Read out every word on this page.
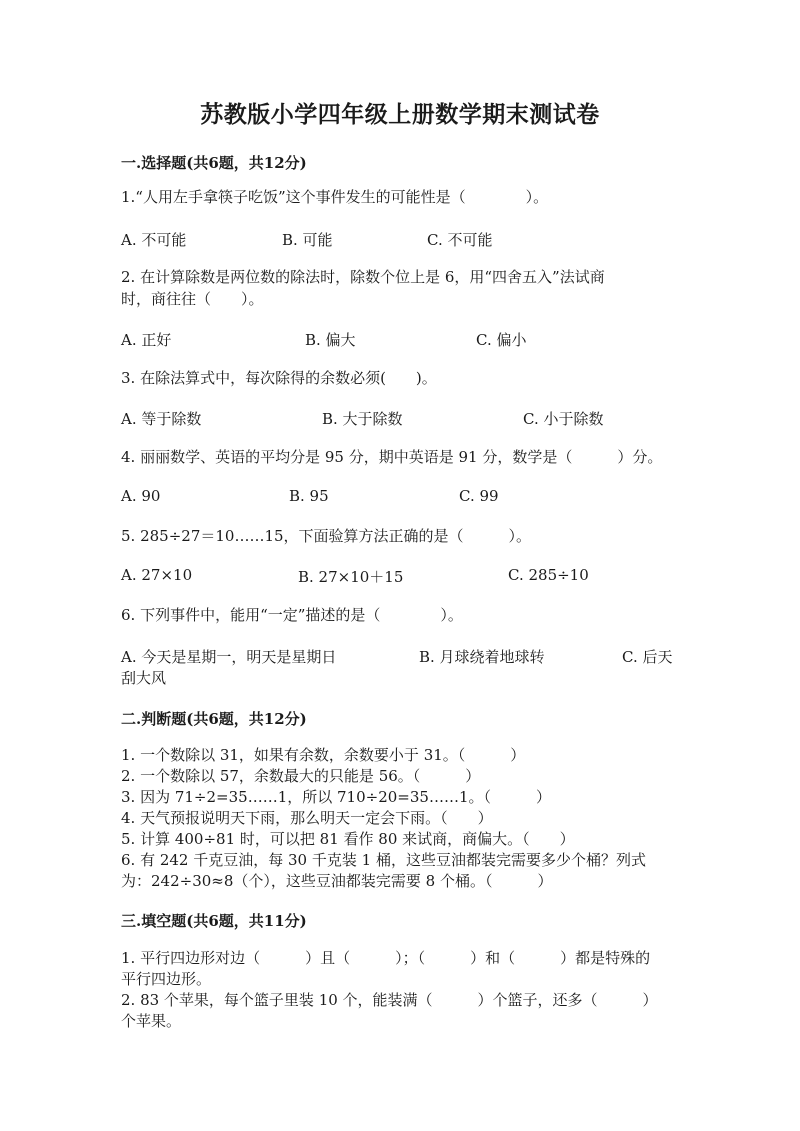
苏教版小学四年级上册数学期末测试卷
一.选择题(共6题，共12分)
1.“人用左手拿筷子吃饭”这个事件发生的可能性是（　　　　）。
A. 不可能	B. 可能	C. 不可能
2. 在计算除数是两位数的除法时，除数个位上是 6，用“四舍五入”法试商
时，商往往（　　）。
A. 正好	B. 偏大	C. 偏小
3. 在除法算式中，每次除得的余数必须(　　)。
A. 等于除数	B. 大于除数	C. 小于除数
4. 丽丽数学、英语的平均分是 95 分，期中英语是 91 分，数学是（　　　）分。
A. 90	B. 95	C. 99
5. 285÷27＝10……15，下面验算方法正确的是（　　　）。
A. 27×10	B. 27×10＋15	C. 285÷10
6. 下列事件中，能用“一定”描述的是（　　　　）。
A. 今天是星期一，明天是星期日	B. 月球绕着地球转	C. 后天
刮大风
二.判断题(共6题，共12分)
1. 一个数除以 31，如果有余数，余数要小于 31。（　　　）
2. 一个数除以 57，余数最大的只能是 56。（　　　）
3. 因为 71÷2=35……1，所以 710÷20=35……1。（　　　）
4. 天气预报说明天下雨，那么明天一定会下雨。（　　）
5. 计算 400÷81 时，可以把 81 看作 80 来试商，商偏大。（　　）
6. 有 242 千克豆油，每 30 千克装 1 桶，这些豆油都装完需要多少个桶？列式
为：242÷30≈8（个），这些豆油都装完需要 8 个桶。（　　　）
三.填空题(共6题，共11分)
1. 平行四边形对边（　　　）且（　　　）；（　　　）和（　　　）都是特殊的
平行四边形。
2. 83 个苹果，每个篮子里装 10 个，能装满（　　　）个篮子，还多（　　　）
个苹果。
